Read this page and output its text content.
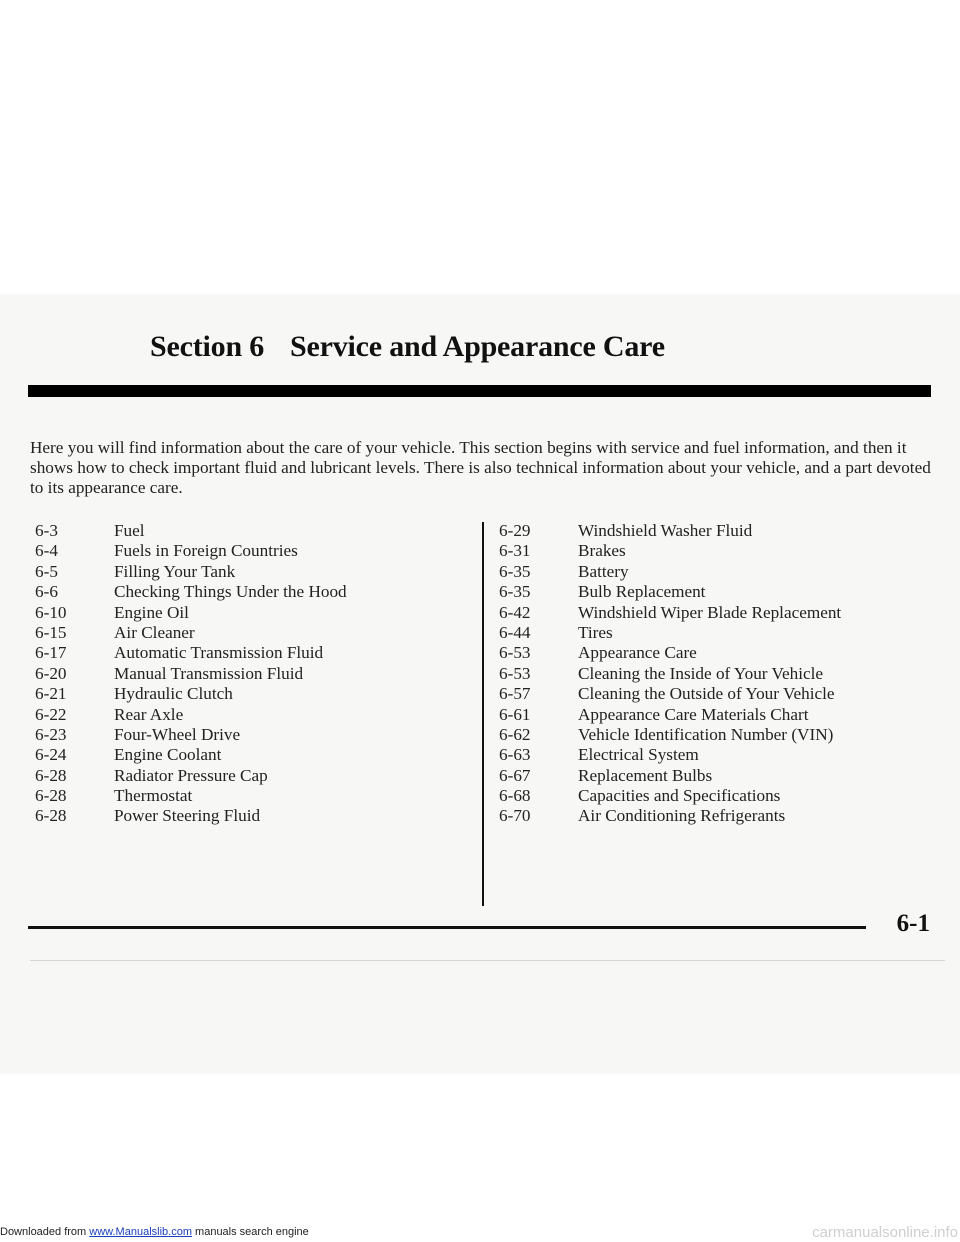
Section 6 Service and Appearance Care

Here you will find information about the care of your vehicle. This section begins with service and fuel information, and then it shows how to check important fluid and lubricant levels. There is also technical information about your vehicle, and a part devoted to its appearance care.

6-3	Fuel
6-4	Fuels in Foreign Countries
6-5	Filling Your Tank
6-6	Checking Things Under the Hood
6-10	Engine Oil
6-15	Air Cleaner
6-17	Automatic Transmission Fluid
6-20	Manual Transmission Fluid
6-21	Hydraulic Clutch
6-22	Rear Axle
6-23	Four-Wheel Drive
6-24	Engine Coolant
6-28	Radiator Pressure Cap
6-28	Thermostat
6-28	Power Steering Fluid
6-29	Windshield Washer Fluid
6-31	Brakes
6-35	Battery
6-35	Bulb Replacement
6-42	Windshield Wiper Blade Replacement
6-44	Tires
6-53	Appearance Care
6-53	Cleaning the Inside of Your Vehicle
6-57	Cleaning the Outside of Your Vehicle
6-61	Appearance Care Materials Chart
6-62	Vehicle Identification Number (VIN)
6-63	Electrical System
6-67	Replacement Bulbs
6-68	Capacities and Specifications
6-70	Air Conditioning Refrigerants
6-1
Downloaded from www.Manualslib.com manuals search engine	carmanualsonline.info
